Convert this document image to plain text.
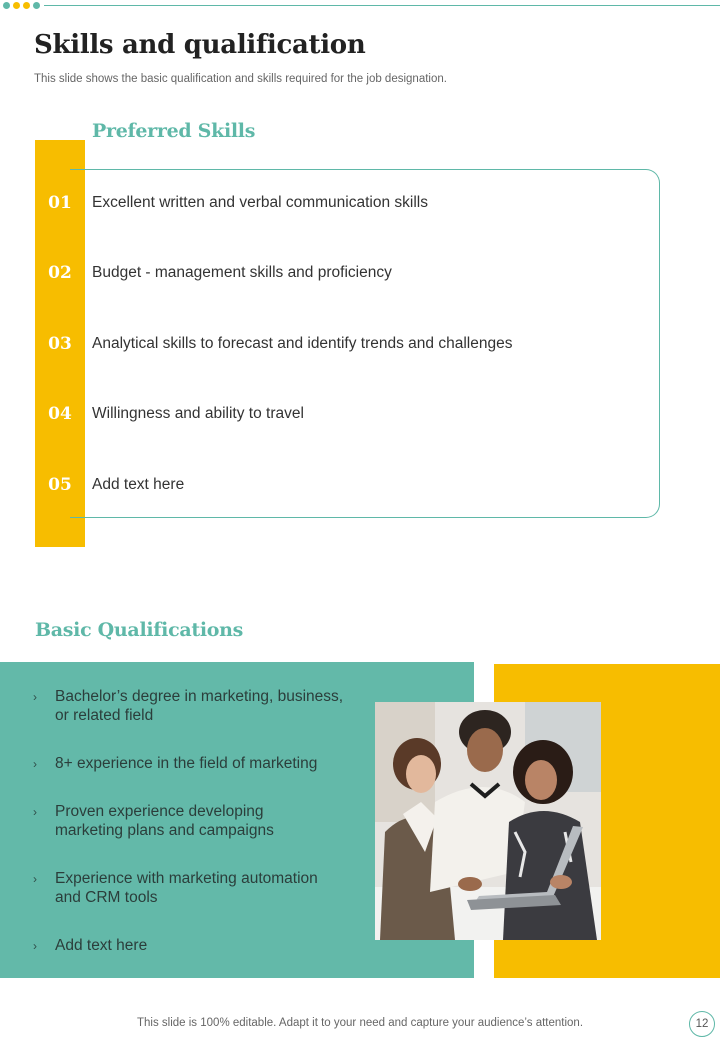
Skills and qualification

This slide shows the basic qualification and skills required for the job designation.

Preferred Skills
01	Excellent written and verbal communication skills
02	Budget - management skills and proficiency
03	Analytical skills to forecast and identify trends and challenges
04	Willingness and ability to travel
05	Add text here
Basic Qualifications
›	Bachelor’s degree in marketing, business, or related field
›	8+ experience in the field of marketing
›	Proven experience developing marketing plans and campaigns
›	Experience with marketing automation and CRM tools
›	Add text here

This slide is 100% editable. Adapt it to your need and capture your audience’s attention.	12
